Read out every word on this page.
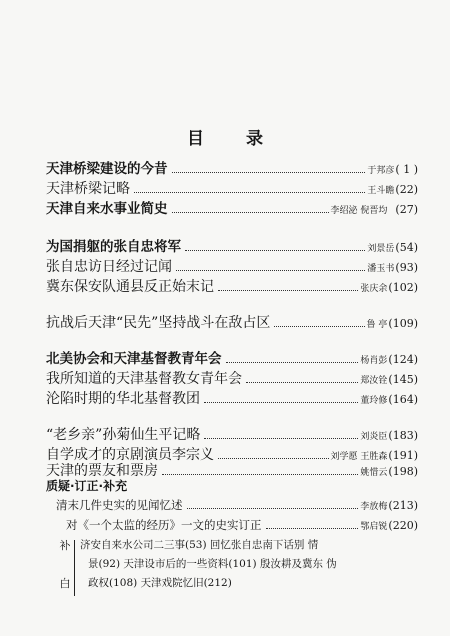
目 录
天津桥梁建设的今昔	于邦彦 ( 1 )
天津桥梁记略	王斗瞻 (22)
天津自来水事业简史	李绍泌 倪晋均 (27)
为国捐躯的张自忠将军	刘景岳 (54)
张自忠访日经过记闻	潘玉书 (93)
冀东保安队通县反正始末记	张庆余 (102)
抗战后天津“民先”坚持战斗在敌占区	鲁 亭 (109)
北美协会和天津基督教青年会	杨肖彭 (124)
我所知道的天津基督教女青年会	郑汝铨 (145)
沦陷时期的华北基督教团	董玲修 (164)
“老乡亲”孙菊仙生平记略	刘炎臣 (183)
自学成才的京剧演员李宗义	刘学愿 王胜森 (191)
天津的票友和票房	姚惜云 (198)
清末几件史实的见闻忆述	李放梅 (213)
对《一个太监的经历》一文的史实订正	鄂启锐 (220)
质疑·订正·补充
补
白
济安自来水公司二三事(53) 回忆张自忠南下话别 情
景(92) 天津设市后的一些资料(101) 殷汝耕及冀东 伪
政权(108) 天津戏院忆旧(212)
